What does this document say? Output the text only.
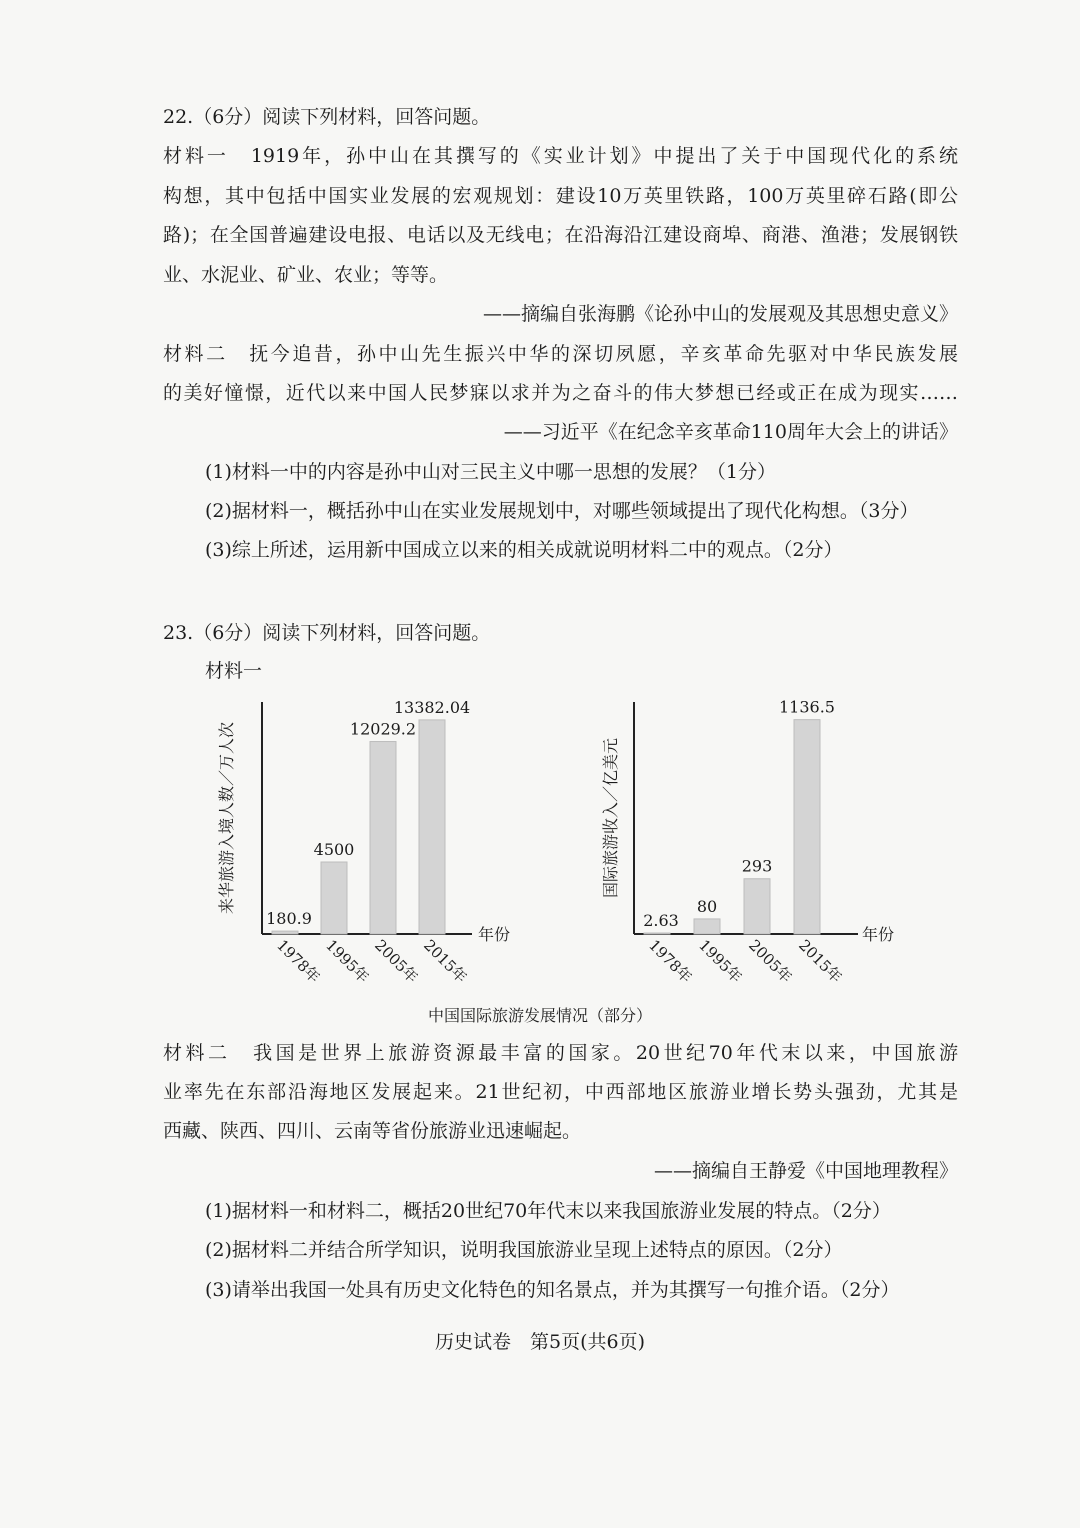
22.（6分）阅读下列材料，回答问题。
材料一　1919年，孙中山在其撰写的《实业计划》中提出了关于中国现代化的系统
构想，其中包括中国实业发展的宏观规划：建设10万英里铁路，100万英里碎石路(即公
路)；在全国普遍建设电报、电话以及无线电；在沿海沿江建设商埠、商港、渔港；发展钢铁
业、水泥业、矿业、农业；等等。
——摘编自张海鹏《论孙中山的发展观及其思想史意义》
材料二　抚今追昔，孙中山先生振兴中华的深切夙愿，辛亥革命先驱对中华民族发展
的美好憧憬，近代以来中国人民梦寐以求并为之奋斗的伟大梦想已经或正在成为现实……
——习近平《在纪念辛亥革命110周年大会上的讲话》
(1)材料一中的内容是孙中山对三民主义中哪一思想的发展？（1分）
(2)据材料一，概括孙中山在实业发展规划中，对哪些领域提出了现代化构想。（3分）
(3)综上所述，运用新中国成立以来的相关成就说明材料二中的观点。（2分）
23.（6分）阅读下列材料，回答问题。
材料一
年份
来华旅游入境人数／万人次
180.9
1978年
4500
1995年
12029.2
2005年
13382.04
2015年
年份
国际旅游收入／亿美元
2.63
1978年
80
1995年
293
2005年
1136.5
2015年
中国国际旅游发展情况（部分）
材料二　我国是世界上旅游资源最丰富的国家。20世纪70年代末以来，中国旅游
业率先在东部沿海地区发展起来。21世纪初，中西部地区旅游业增长势头强劲，尤其是
西藏、陕西、四川、云南等省份旅游业迅速崛起。
——摘编自王静爱《中国地理教程》
(1)据材料一和材料二，概括20世纪70年代末以来我国旅游业发展的特点。（2分）
(2)据材料二并结合所学知识，说明我国旅游业呈现上述特点的原因。（2分）
(3)请举出我国一处具有历史文化特色的知名景点，并为其撰写一句推介语。（2分）
历史试卷　第5页(共6页)
